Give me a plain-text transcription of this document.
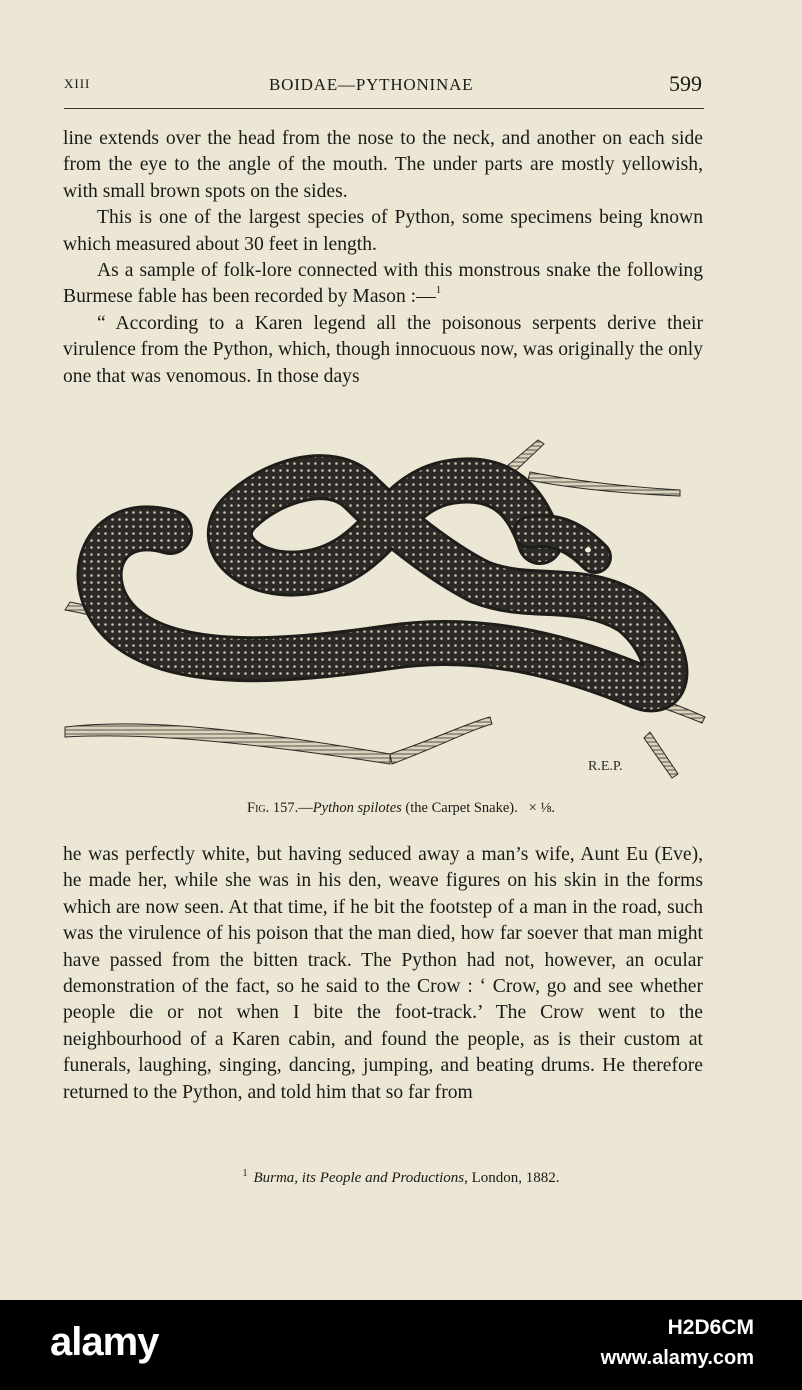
XIII	BOIDAE—PYTHONINAE	599

line extends over the head from the nose to the neck, and another on each side from the eye to the angle of the mouth. The under parts are mostly yellowish, with small brown spots on the sides.

This is one of the largest species of Python, some specimens being known which measured about 30 feet in length.

As a sample of folk-lore connected with this monstrous snake the following Burmese fable has been recorded by Mason :—$^1$

“ According to a Karen legend all the poisonous serpents derive their virulence from the Python, which, though innocuous now, was originally the only one that was venomous. In those days

R.E.P.
Fig. 157.—Python spilotes (the Carpet Snake). × ⅛.

he was perfectly white, but having seduced away a man’s wife, Aunt Eu (Eve), he made her, while she was in his den, weave figures on his skin in the forms which are now seen. At that time, if he bit the footstep of a man in the road, such was the virulence of his poison that the man died, how far soever that man might have passed from the bitten track. The Python had not, however, an ocular demonstration of the fact, so he said to the Crow : ‘ Crow, go and see whether people die or not when I bite the foot-track.’ The Crow went to the neighbourhood of a Karen cabin, and found the people, as is their custom at funerals, laughing, singing, dancing, jumping, and beating drums. He therefore returned to the Python, and told him that so far from

$^1$ Burma, its People and Productions, London, 1882.
alamy	H2D6CM
www.alamy.com
